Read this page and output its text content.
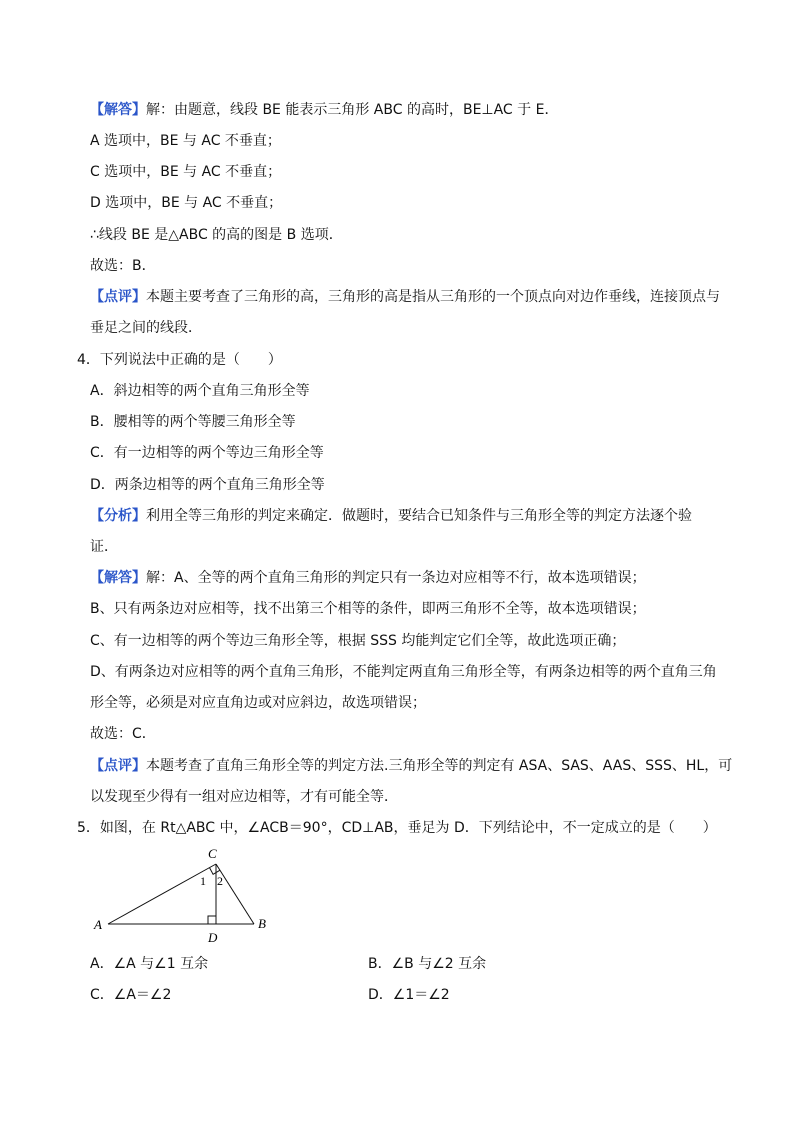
【解答】解：由题意，线段 BE 能表示三角形 ABC 的高时，BE⊥AC 于 E．
A 选项中，BE 与 AC 不垂直；
C 选项中，BE 与 AC 不垂直；
D 选项中，BE 与 AC 不垂直；
∴线段 BE 是△ABC 的高的图是 B 选项．
故选：B．
【点评】本题主要考查了三角形的高，三角形的高是指从三角形的一个顶点向对边作垂线，连接顶点与
垂足之间的线段．
4．下列说法中正确的是（　　）
A．斜边相等的两个直角三角形全等
B．腰相等的两个等腰三角形全等
C．有一边相等的两个等边三角形全等
D．两条边相等的两个直角三角形全等
【分析】利用全等三角形的判定来确定．做题时，要结合已知条件与三角形全等的判定方法逐个验
证．
【解答】解：A、全等的两个直角三角形的判定只有一条边对应相等不行，故本选项错误；
B、只有两条边对应相等，找不出第三个相等的条件，即两三角形不全等，故本选项错误；
C、有一边相等的两个等边三角形全等，根据 SSS 均能判定它们全等，故此选项正确；
D、有两条边对应相等的两个直角三角形，不能判定两直角三角形全等，有两条边相等的两个直角三角
形全等，必须是对应直角边或对应斜边，故选项错误；
故选：C．
【点评】本题考查了直角三角形全等的判定方法.三角形全等的判定有 ASA、SAS、AAS、SSS、HL，可
以发现至少得有一组对应边相等，才有可能全等．
5．如图，在 Rt△ABC 中，∠ACB＝90°，CD⊥AB，垂足为 D．下列结论中，不一定成立的是（　　）
C
A	B
D
1 2
A．∠A 与∠1 互余	B．∠B 与∠2 互余
C．∠A＝∠2	D．∠1＝∠2
